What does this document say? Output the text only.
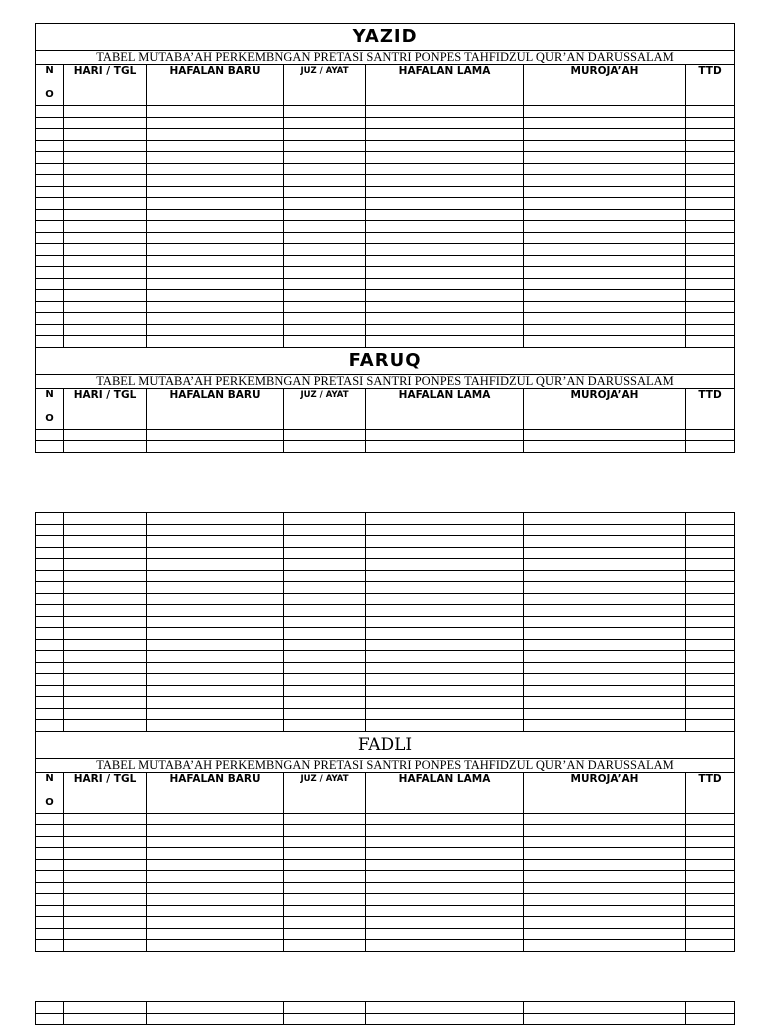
YAZID						
TABEL MUTABA’AH PERKEMBNGAN PRETASI SANTRI PONPES TAHFIDZUL QUR’AN DARUSSALAM						

N
O	HARI / TGL	HAFALAN BARU	JUZ / AYAT	HAFALAN LAMA	MUROJA’AH	TTD

FARUQ						
TABEL MUTABA’AH PERKEMBNGAN PRETASI SANTRI PONPES TAHFIDZUL QUR’AN DARUSSALAM						

N
O	HARI / TGL	HAFALAN BARU	JUZ / AYAT	HAFALAN LAMA	MUROJA’AH	TTD

FADLI						
TABEL MUTABA’AH PERKEMBNGAN PRETASI SANTRI PONPES TAHFIDZUL QUR’AN DARUSSALAM						

N
O	HARI / TGL	HAFALAN BARU	JUZ / AYAT	HAFALAN LAMA	MUROJA’AH	TTD
